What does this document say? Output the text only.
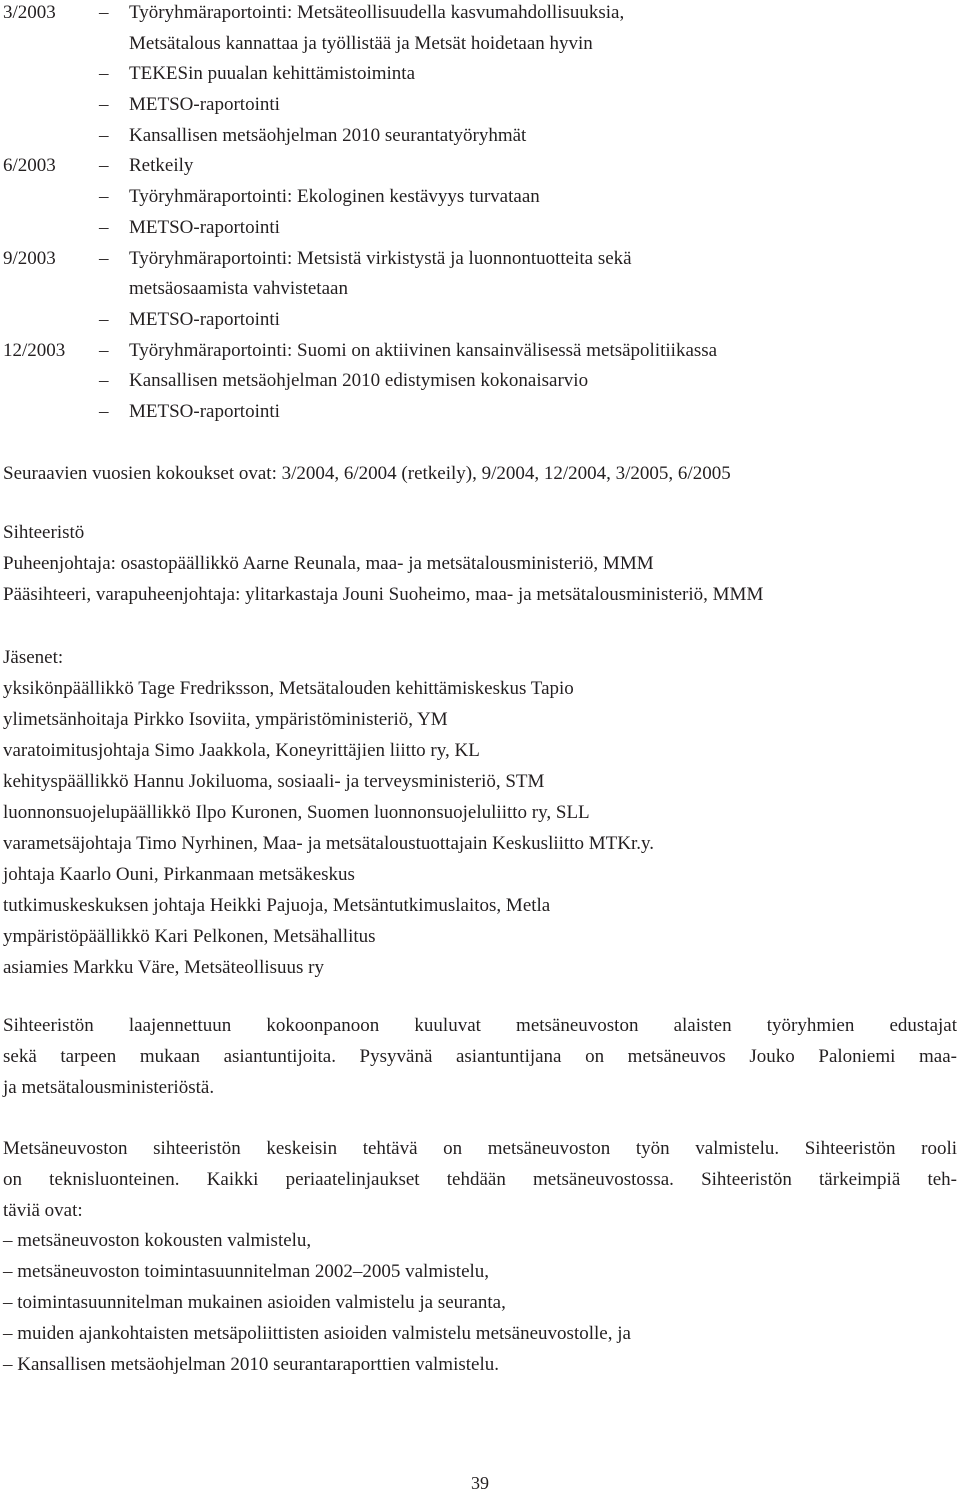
3/2003 – Työryhmäraportointi: Metsäteollisuudella kasvumahdollisuuksia,
Metsätalous kannattaa ja työllistää ja Metsät hoidetaan hyvin
– TEKESin puualan kehittämistoiminta
– METSO-raportointi
– Kansallisen metsäohjelman 2010 seurantatyöryhmät
6/2003 – Retkeily
– Työryhmäraportointi: Ekologinen kestävyys turvataan
– METSO-raportointi
9/2003 – Työryhmäraportointi: Metsistä virkistystä ja luonnontuotteita sekä
metsäosaamista vahvistetaan
– METSO-raportointi
12/2003 – Työryhmäraportointi: Suomi on aktiivinen kansainvälisessä metsäpolitiikassa
– Kansallisen metsäohjelman 2010 edistymisen kokonaisarvio
– METSO-raportointi
Seuraavien vuosien kokoukset ovat: 3/2004, 6/2004 (retkeily), 9/2004, 12/2004, 3/2005, 6/2005
Sihteeristö
Puheenjohtaja: osastopäällikkö Aarne Reunala, maa- ja metsätalousministeriö, MMM
Pääsihteeri, varapuheenjohtaja: ylitarkastaja Jouni Suoheimo, maa- ja metsätalousministeriö, MMM
Jäsenet:
yksikönpäällikkö Tage Fredriksson, Metsätalouden kehittämiskeskus Tapio
ylimetsänhoitaja Pirkko Isoviita, ympäristöministeriö, YM
varatoimitusjohtaja Simo Jaakkola, Koneyrittäjien liitto ry, KL
kehityspäällikkö Hannu Jokiluoma, sosiaali- ja terveysministeriö, STM
luonnonsuojelupäällikkö Ilpo Kuronen, Suomen luonnonsuojeluliitto ry, SLL
varametsäjohtaja Timo Nyrhinen, Maa- ja metsätaloustuottajain Keskusliitto MTKr.y.
johtaja Kaarlo Ouni, Pirkanmaan metsäkeskus
tutkimuskeskuksen johtaja Heikki Pajuoja, Metsäntutkimuslaitos, Metla
ympäristöpäällikkö Kari Pelkonen, Metsähallitus
asiamies Markku Väre, Metsäteollisuus ry
Sihteeristön laajennettuun kokoonpanoon kuuluvat metsäneuvoston alaisten työryhmien edustajat
sekä tarpeen mukaan asiantuntijoita. Pysyvänä asiantuntijana on metsäneuvos Jouko Paloniemi maa-
ja metsätalousministeriöstä.
Metsäneuvoston sihteeristön keskeisin tehtävä on metsäneuvoston työn valmistelu. Sihteeristön rooli
on teknisluonteinen. Kaikki periaatelinjaukset tehdään metsäneuvostossa. Sihteeristön tärkeimpiä teh-
täviä ovat:
– metsäneuvoston kokousten valmistelu,
– metsäneuvoston toimintasuunnitelman 2002–2005 valmistelu,
– toimintasuunnitelman mukainen asioiden valmistelu ja seuranta,
– muiden ajankohtaisten metsäpoliittisten asioiden valmistelu metsäneuvostolle, ja
– Kansallisen metsäohjelman 2010 seurantaraporttien valmistelu.
39
